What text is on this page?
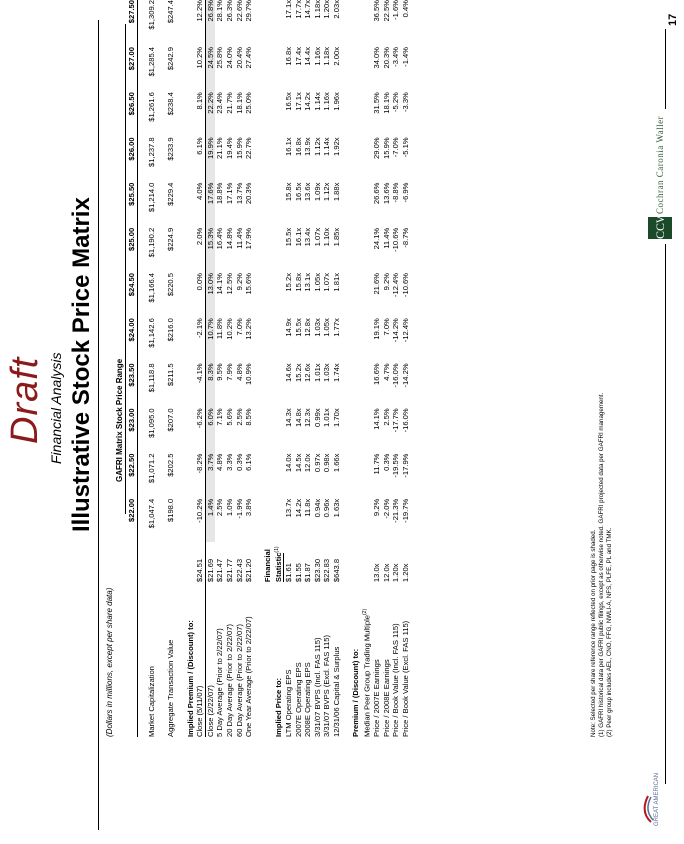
Draft Financial Analysis Illustrative Stock Price Matrix
(Dollars in millions, except per share data)
GAFRI Matrix Stock Price Range
		$22.00	$22.50	$23.00	$23.50	$24.00	$24.50	$25.00	$25.50	$26.00	$26.50	$27.00	$27.50

Market Capitalization		$1,047.4	$1,071.2	$1,095.0	$1,118.8	$1,142.6	$1,166.4	$1,190.2	$1,214.0	$1,237.8	$1,261.6	$1,285.4	$1,309.2

Aggregate Transaction Value		$198.0	$202.5	$207.0	$211.5	$216.0	$220.5	$224.9	$229.4	$233.9	$238.4	$242.9	$247.4

Implied Premium / (Discount) to:													
Close (5/11/07)	$24.51	-10.2%	-8.2%	-6.2%	-4.1%	-2.1%	0.0%	2.0%	4.0%	6.1%	8.1%	10.2%	12.2%
Close (2/22/07)	$21.69	1.4%	3.7%	6.0%	8.3%	10.7%	13.0%	15.3%	17.6%	19.9%	22.2%	24.5%	26.8%
5 Day Average (Prior to 2/22/07)	$21.47	2.5%	4.8%	7.1%	9.5%	11.8%	14.1%	16.4%	18.8%	21.1%	23.4%	25.8%	28.1%
20 Day Average (Prior to 2/22/07)	$21.77	1.0%	3.3%	5.6%	7.9%	10.2%	12.5%	14.8%	17.1%	19.4%	21.7%	24.0%	26.3%
60 Day Average (Prior to 2/22/07)	$22.43	-1.9%	0.3%	2.5%	4.8%	7.0%	9.2%	11.4%	13.7%	15.9%	18.1%	20.4%	22.6%
One Year Average (Prior to 2/22/07)	$21.20	3.8%	6.1%	8.5%	10.9%	13.2%	15.6%	17.9%	20.3%	22.7%	25.0%	27.4%	29.7%

	Financial												
Implied Price to:	Statistic$^{(1)}$
LTM Operating EPS	$1.61	13.7x	14.0x	14.3x	14.6x	14.9x	15.2x	15.5x	15.8x	16.1x	16.5x	16.8x	17.1x
2007E Operating EPS	$1.55	14.2x	14.5x	14.8x	15.2x	15.5x	15.8x	16.1x	16.5x	16.8x	17.1x	17.4x	17.7x
2008E Operating EPS	$1.87	11.8x	12.0x	12.3x	12.6x	12.8x	13.1x	13.4x	13.6x	13.9x	14.2x	14.4x	14.7x
3/31/07 BVPS (Incl. FAS 115)	$23.30	0.94x	0.97x	0.99x	1.01x	1.03x	1.05x	1.07x	1.09x	1.12x	1.14x	1.16x	1.18x
3/31/07 BVPS (Excl. FAS 115)	$22.83	0.96x	0.98x	1.01x	1.03x	1.05x	1.07x	1.10x	1.12x	1.14x	1.16x	1.18x	1.20x
12/31/06 Capital & Surplus	$643.8	1.63x	1.66x	1.70x	1.74x	1.77x	1.81x	1.85x	1.88x	1.92x	1.96x	2.00x	2.03x

Premium / (Discount) to:													
Median Peer Group Trading Multiple$^{(2)}$
Price / 2007E Earnings	13.0x	9.2%	11.7%	14.1%	16.6%	19.1%	21.6%	24.1%	26.6%	29.0%	31.5%	34.0%	36.5%
Price / 2008E Earnings	12.0x	-2.0%	0.3%	2.5%	4.7%	7.0%	9.2%	11.4%	13.6%	15.9%	18.1%	20.3%	22.5%
Price / Book Value (Incl. FAS 115)	1.20x	-21.3%	-19.5%	-17.7%	-16.0%	-14.2%	-12.4%	-10.6%	-8.8%	-7.0%	-5.2%	-3.4%	-1.6%
Price / Book Value (Excl. FAS 115)	1.20x	-19.7%	-17.9%	-16.0%	-14.2%	-12.4%	-10.6%	-8.7%	-6.9%	-5.1%	-3.3%	-1.4%	0.4%
Note: Selected per share reference range reflected on prior page is shaded. (1) GAFRI historical data per GAFRI public filings, except as otherwise noted. GAFRI projected data per GAFRI management. (2) Peer group includes AEL, CNO, FFG, NWLI-A, NFS, PLFE, PL and TMK.
GREAT AMERICAN
CCW
Cochran Caronia Waller
17
